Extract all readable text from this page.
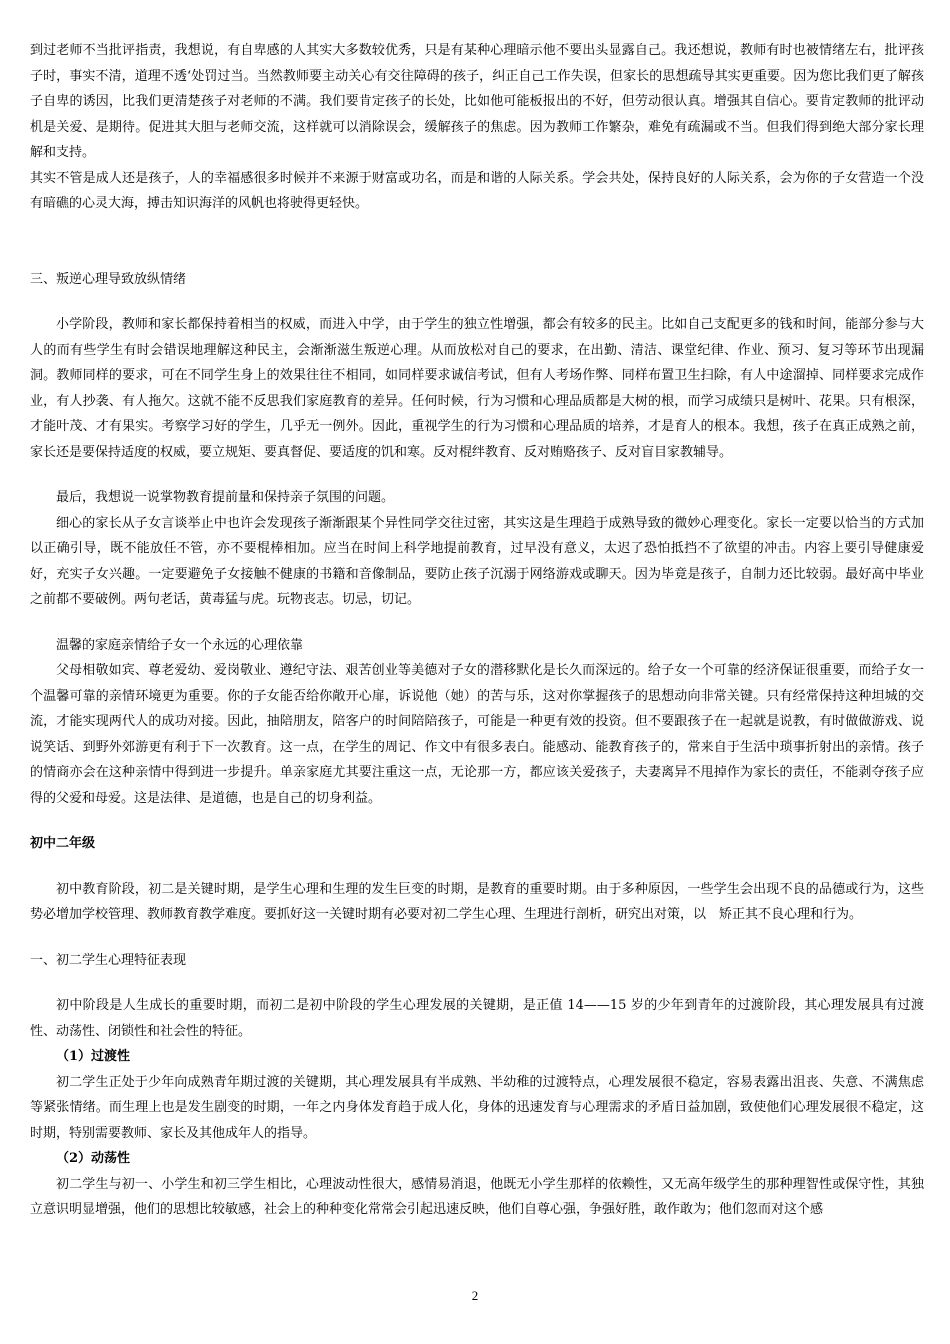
到过老师不当批评指责，我想说，有自卑感的人其实大多数较优秀，只是有某种心理暗示他不要出头显露自己。我还想说，教师有时也被情绪左右，批评孩子时，事实不清，道理不透‘处罚过当。当然教师要主动关心有交往障碍的孩子，纠正自己工作失误，但家长的思想疏导其实更重要。因为您比我们更了解孩子自卑的诱因，比我们更清楚孩子对老师的不满。我们要肯定孩子的长处，比如他可能板报出的不好，但劳动很认真。增强其自信心。要肯定教师的批评动机是关爱、是期待。促进其大胆与老师交流，这样就可以消除误会，缓解孩子的焦虑。因为教师工作繁杂，难免有疏漏或不当。但我们得到绝大部分家长理解和支持。

其实不管是成人还是孩子，人的幸福感很多时候并不来源于财富或功名，而是和谐的人际关系。学会共处，保持良好的人际关系，会为你的子女营造一个没有暗礁的心灵大海，搏击知识海洋的风帆也将驶得更轻快。

三、叛逆心理导致放纵情绪

小学阶段，教师和家长都保持着相当的权威，而进入中学，由于学生的独立性增强，都会有较多的民主。比如自己支配更多的钱和时间，能部分参与大人的而有些学生有时会错误地理解这种民主，会渐渐滋生叛逆心理。从而放松对自己的要求，在出勤、清洁、课堂纪律、作业、预习、复习等环节出现漏洞。教师同样的要求，可在不同学生身上的效果往往不相同，如同样要求诚信考试，但有人考场作弊、同样布置卫生扫除，有人中途溜掉、同样要求完成作业，有人抄袭、有人拖欠。这就不能不反思我们家庭教育的差异。任何时候，行为习惯和心理品质都是大树的根，而学习成绩只是树叶、花果。只有根深，才能叶茂、才有果实。考察学习好的学生，几乎无一例外。因此，重视学生的行为习惯和心理品质的培养，才是育人的根本。我想，孩子在真正成熟之前，家长还是要保持适度的权威，要立规矩、要真督促、要适度的饥和寒。反对棍绊教育、反对贿赂孩子、反对盲目家教辅导。

最后，我想说一说掌物教育提前量和保持亲子氛围的问题。

细心的家长从子女言谈举止中也许会发现孩子渐渐跟某个异性同学交往过密，其实这是生理趋于成熟导致的微妙心理变化。家长一定要以恰当的方式加以正确引导，既不能放任不管，亦不要棍棒相加。应当在时间上科学地提前教育，过早没有意义，太迟了恐怕抵挡不了欲望的冲击。内容上要引导健康爱好，充实子女兴趣。一定要避免子女接触不健康的书籍和音像制品，要防止孩子沉溺于网络游戏或聊天。因为毕竟是孩子，自制力还比较弱。最好高中毕业之前都不要破例。两句老话，黄毒猛与虎。玩物丧志。切忌，切记。

温馨的家庭亲情给子女一个永远的心理依靠

父母相敬如宾、尊老爱幼、爱岗敬业、遵纪守法、艰苦创业等美德对子女的潜移默化是长久而深远的。给子女一个可靠的经济保证很重要，而给子女一个温馨可靠的亲情环境更为重要。你的子女能否给你敞开心扉，诉说他（她）的苦与乐，这对你掌握孩子的思想动向非常关键。只有经常保持这种坦城的交流，才能实现两代人的成功对接。因此，抽陪朋友，陪客户的时间陪陪孩子，可能是一种更有效的投资。但不要跟孩子在一起就是说教，有时做做游戏、说说笑话、到野外郊游更有利于下一次教育。这一点，在学生的周记、作文中有很多表白。能感动、能教育孩子的，常来自于生活中琐事折射出的亲情。孩子的情商亦会在这种亲情中得到进一步提升。单亲家庭尤其要注重这一点，无论那一方，都应该关爱孩子，夫妻离异不甩掉作为家长的责任，不能剥夺孩子应得的父爱和母爱。这是法律、是道德，也是自己的切身利益。

初中二年级

初中教育阶段，初二是关键时期，是学生心理和生理的发生巨变的时期，是教育的重要时期。由于多种原因，一些学生会出现不良的品德或行为，这些势必增加学校管理、教师教育教学难度。要抓好这一关键时期有必要对初二学生心理、生理进行剖析，研究出对策，以　矫正其不良心理和行为。

一、初二学生心理特征表现

初中阶段是人生成长的重要时期，而初二是初中阶段的学生心理发展的关键期，是正值 14——15 岁的少年到青年的过渡阶段，其心理发展具有过渡性、动荡性、闭锁性和社会性的特征。

（1）过渡性

初二学生正处于少年向成熟青年期过渡的关键期，其心理发展具有半成熟、半幼稚的过渡特点，心理发展很不稳定，容易表露出沮丧、失意、不满焦虑等紧张情绪。而生理上也是发生剧变的时期，一年之内身体发育趋于成人化，身体的迅速发育与心理需求的矛盾日益加剧，致使他们心理发展很不稳定，这时期，特别需要教师、家长及其他成年人的指导。

（2）动荡性

初二学生与初一、小学生和初三学生相比，心理波动性很大，感情易消退，他既无小学生那样的依赖性，又无高年级学生的那种理智性或保守性，其独立意识明显增强，他们的思想比较敏感，社会上的种种变化常常会引起迅速反映，他们自尊心强，争强好胜，敢作敢为；他们忽而对这个感

2
